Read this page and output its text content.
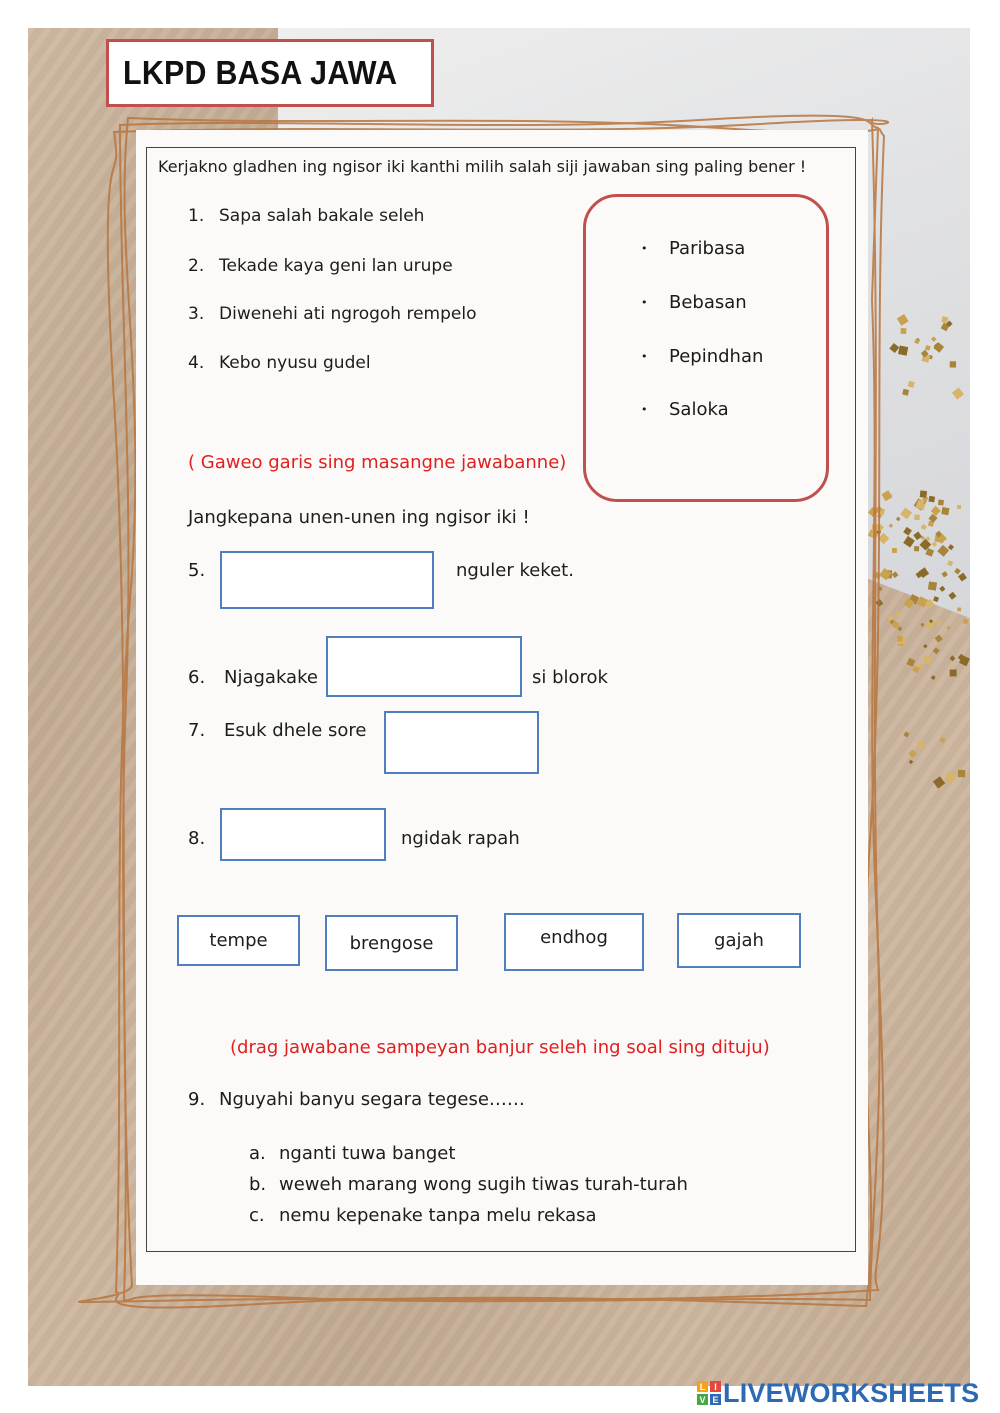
LKPD BASA JAWA
Kerjakno gladhen ing ngisor iki kanthi milih salah siji jawaban sing paling bener !
1. Sapa salah bakale seleh
2. Tekade kaya geni lan urupe
3. Diwenehi ati ngrogoh rempelo
4. Kebo nyusu gudel
• Paribasa
• Bebasan
• Pepindhan
• Saloka
( Gaweo garis sing masangne jawabanne)
Jangkepana unen-unen ing ngisor iki !
5.	nguler keket.
6. Njagakake	si blorok
7. Esuk dhele sore
8.	ngidak rapah
tempe	brengose	endhog	gajah
(drag jawabane sampeyan banjur seleh ing soal sing dituju)
9. Nguyahi banyu segara tegese……
a. nganti tuwa banget
b. weweh marang wong sugih tiwas turah-turah
c. nemu kepenake tanpa melu rekasa
L I
V E LIVEWORKSHEETS
